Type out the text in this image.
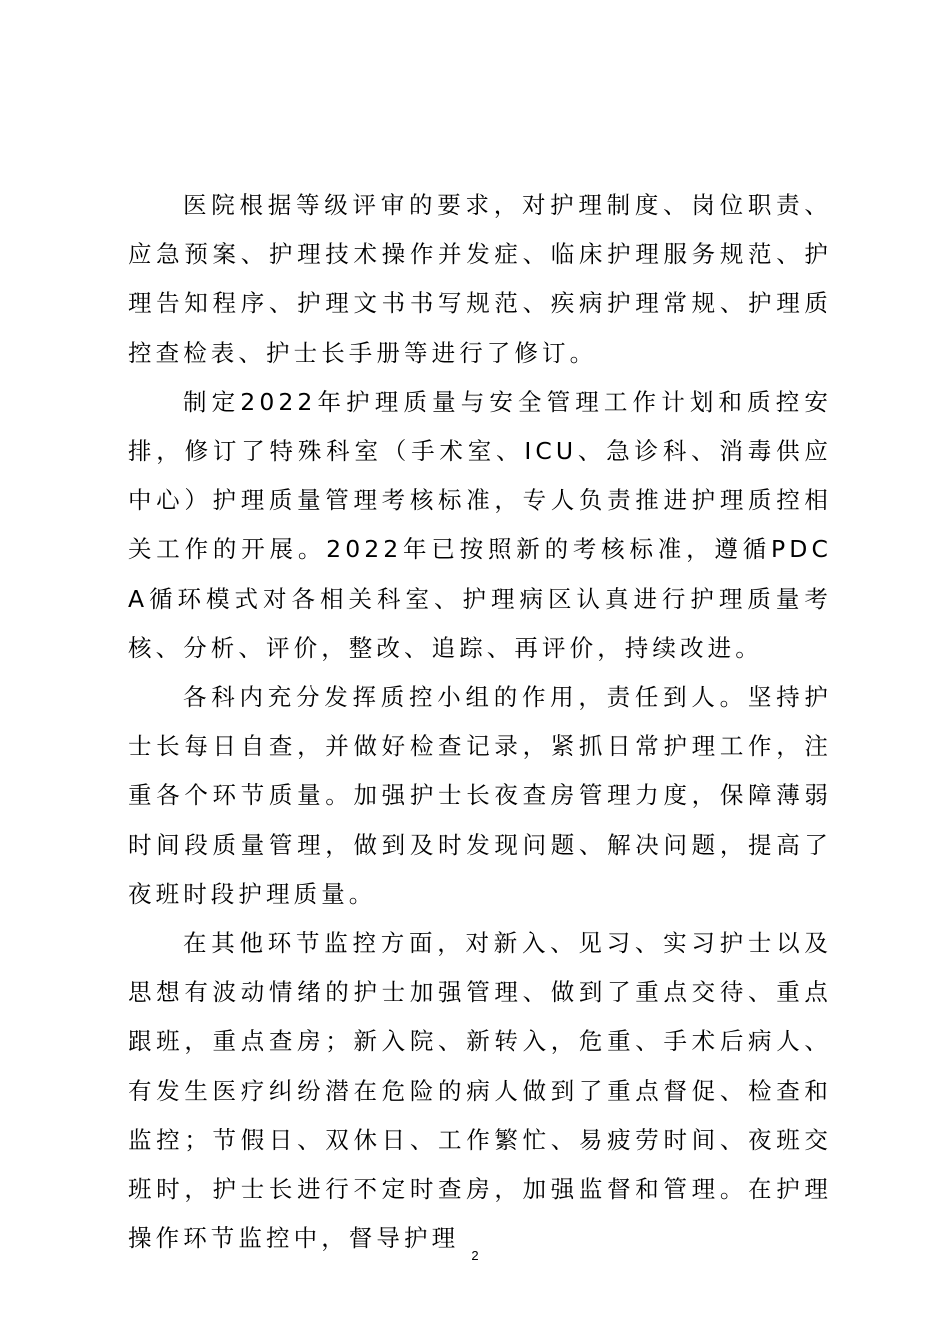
医院根据等级评审的要求，对护理制度、岗位职责、应急预案、护理技术操作并发症、临床护理服务规范、护理告知程序、护理文书书写规范、疾病护理常规、护理质控查检表、护士长手册等进行了修订。

制定2022年护理质量与安全管理工作计划和质控安排，修订了特殊科室（手术室、ICU、急诊科、消毒供应中心）护理质量管理考核标准，专人负责推进护理质控相关工作的开展。2022年已按照新的考核标准，遵循PDCA循环模式对各相关科室、护理病区认真进行护理质量考核、分析、评价，整改、追踪、再评价，持续改进。

各科内充分发挥质控小组的作用，责任到人。坚持护士长每日自查，并做好检查记录，紧抓日常护理工作，注重各个环节质量。加强护士长夜查房管理力度，保障薄弱时间段质量管理，做到及时发现问题、解决问题，提高了夜班时段护理质量。

在其他环节监控方面，对新入、见习、实习护士以及思想有波动情绪的护士加强管理、做到了重点交待、重点跟班，重点查房；新入院、新转入，危重、手术后病人、有发生医疗纠纷潜在危险的病人做到了重点督促、检查和监控；节假日、双休日、工作繁忙、易疲劳时间、夜班交班时，护士长进行不定时查房，加强监督和管理。在护理操作环节监控中，督导护理

2
